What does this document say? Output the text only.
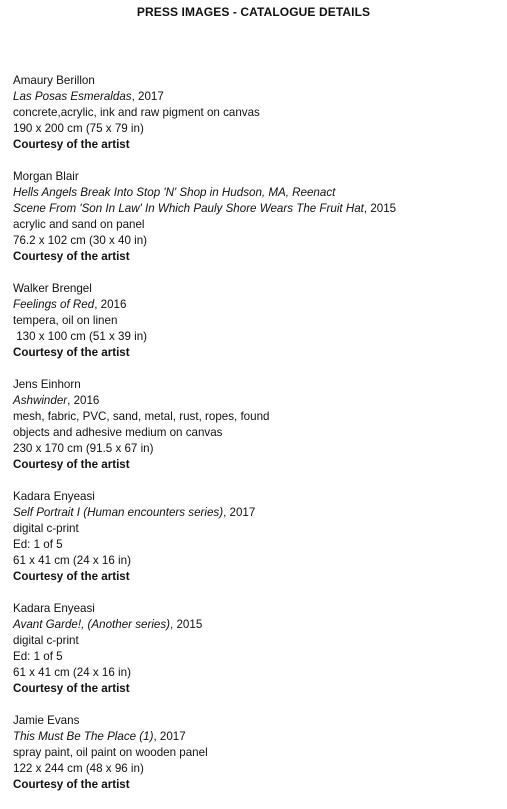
PRESS IMAGES - CATALOGUE DETAILS
Amaury Berillon
Las Posas Esmeraldas, 2017
concrete,acrylic, ink and raw pigment on canvas
190 x 200 cm (75 x 79 in)
Courtesy of the artist
Morgan Blair
Hells Angels Break Into Stop 'N' Shop in Hudson, MA, Reenact
Scene From 'Son In Law' In Which Pauly Shore Wears The Fruit Hat, 2015
acrylic and sand on panel
76.2 x 102 cm (30 x 40 in)
Courtesy of the artist
Walker Brengel
Feelings of Red, 2016
tempera, oil on linen
130 x 100 cm (51 x 39 in)
Courtesy of the artist
Jens Einhorn
Ashwinder, 2016
mesh, fabric, PVC, sand, metal, rust, ropes, found
objects and adhesive medium on canvas
230 x 170 cm (91.5 x 67 in)
Courtesy of the artist
Kadara Enyeasi
Self Portrait I (Human encounters series), 2017
digital c-print
Ed: 1 of 5
61 x 41 cm (24 x 16 in)
Courtesy of the artist
Kadara Enyeasi
Avant Garde!, (Another series), 2015
digital c-print
Ed: 1 of 5
61 x 41 cm (24 x 16 in)
Courtesy of the artist
Jamie Evans
This Must Be The Place (1), 2017
spray paint, oil paint on wooden panel
122 x 244 cm (48 x 96 in)
Courtesy of the artist
